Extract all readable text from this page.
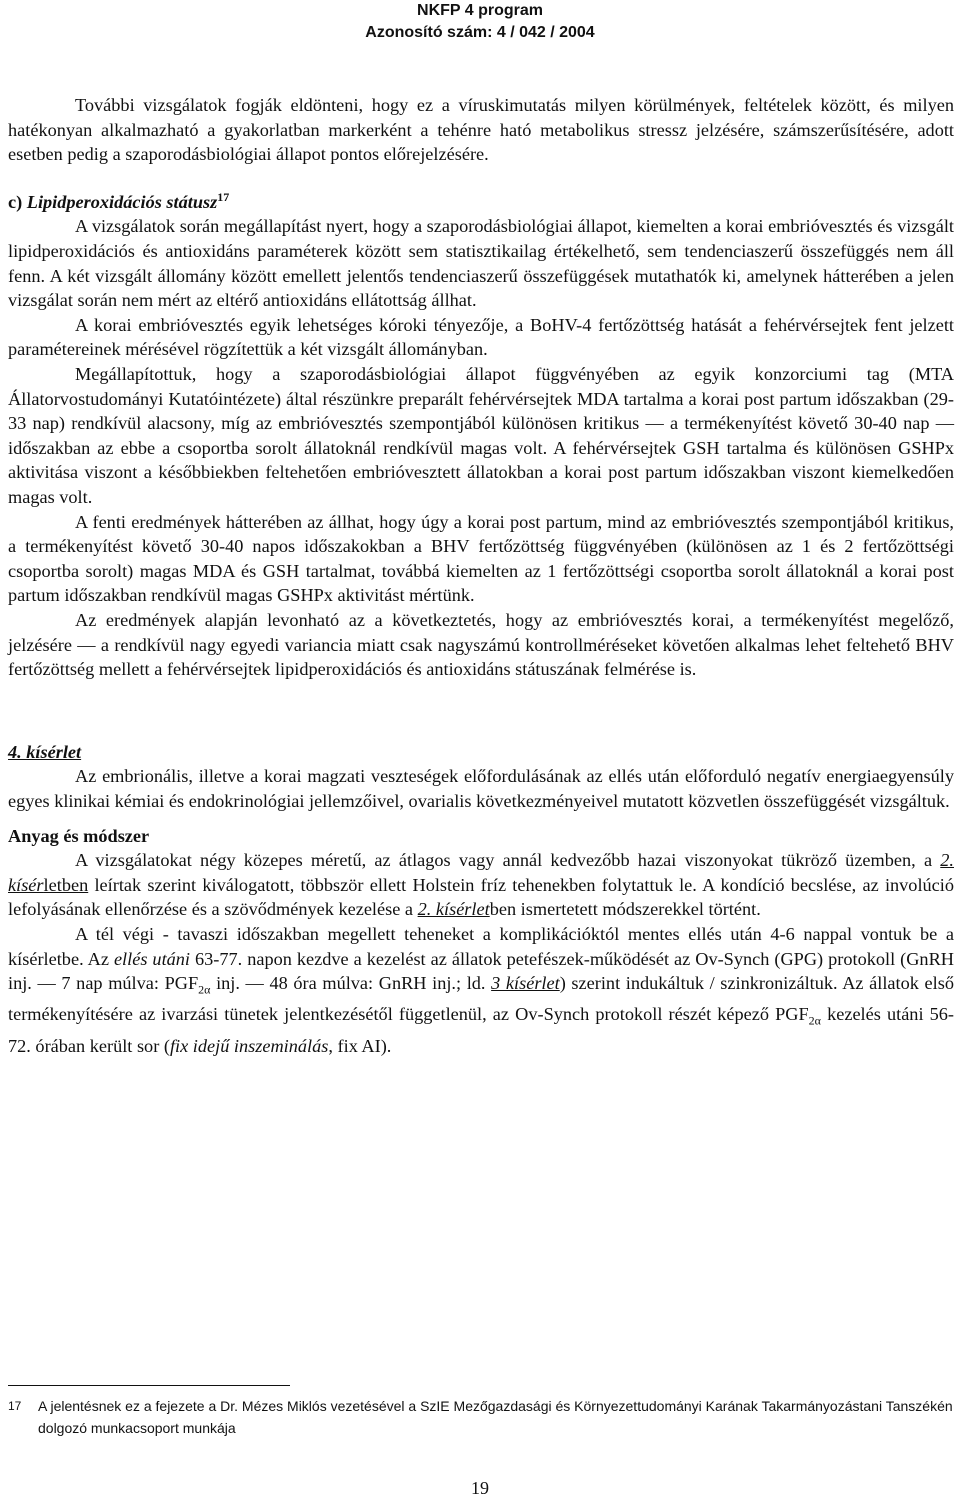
NKFP 4 program
Azonosító szám: 4 / 042 / 2004

További vizsgálatok fogják eldönteni, hogy ez a víruskimutatás milyen körülmények, feltételek között, és milyen hatékonyan alkalmazható a gyakorlatban markerként a tehénre ható metabolikus stressz jelzésére, számszerűsítésére, adott esetben pedig a szaporodásbiológiai állapot pontos előrejelzésére.

c) Lipidperoxidációs státusz$^{17}$

A vizsgálatok során megállapítást nyert, hogy a szaporodásbiológiai állapot, kiemelten a korai embrióvesztés és vizsgált lipidperoxidációs és antioxidáns paraméterek között sem statisztikailag értékelhető, sem tendenciaszerű összefüggés nem áll fenn. A két vizsgált állomány között emellett jelentős tendenciaszerű összefüggések mutathatók ki, amelynek hátterében a jelen vizsgálat során nem mért az eltérő antioxidáns ellátottság állhat.

A korai embrióvesztés egyik lehetséges kóroki tényezője, a BoHV-4 fertőzöttség hatását a fehérvérsejtek fent jelzett paramétereinek mérésével rögzítettük a két vizsgált állományban.

Megállapítottuk, hogy a szaporodásbiológiai állapot függvényében az egyik konzorciumi tag (MTA Állatorvostudományi Kutatóintézete) által részünkre preparált fehérvérsejtek MDA tartalma a korai post partum időszakban (29-33 nap) rendkívül alacsony, míg az embrióvesztés szempontjából különösen kritikus — a termékenyítést követő 30-40 nap — időszakban az ebbe a csoportba sorolt állatoknál rendkívül magas volt. A fehérvérsejtek GSH tartalma és különösen GSHPx aktivitása viszont a későbbiekben feltehetően embrióvesztett állatokban a korai post partum időszakban viszont kiemelkedően magas volt.

A fenti eredmények hátterében az állhat, hogy úgy a korai post partum, mind az embrióvesztés szempontjából kritikus, a termékenyítést követő 30-40 napos időszakokban a BHV fertőzöttség függvényében (különösen az 1 és 2 fertőzöttségi csoportba sorolt) magas MDA és GSH tartalmat, továbbá kiemelten az 1 fertőzöttségi csoportba sorolt állatoknál a korai post partum időszakban rendkívül magas GSHPx aktivitást mértünk.

Az eredmények alapján levonható az a következtetés, hogy az embrióvesztés korai, a termékenyítést megelőző, jelzésére — a rendkívül nagy egyedi variancia miatt csak nagyszámú kontrollméréseket követően alkalmas lehet feltehető BHV fertőzöttség mellett a fehérvérsejtek lipidperoxidációs és antioxidáns státuszának felmérése is.

4. kísérlet

Az embrionális, illetve a korai magzati veszteségek előfordulásának az ellés után előforduló negatív energiaegyensúly egyes klinikai kémiai és endokrinológiai jellemzőivel, ovarialis következményeivel mutatott közvetlen összefüggését vizsgáltuk.

Anyag és módszer

A vizsgálatokat négy közepes méretű, az átlagos vagy annál kedvezőbb hazai viszonyokat tükröző üzemben, a 2. kísérletben leírtak szerint kiválogatott, többször ellett Holstein fríz tehenekben folytattuk le. A kondíció becslése, az involúció lefolyásának ellenőrzése és a szövődmények kezelése a 2. kísérletben ismertetett módszerekkel történt.

A tél végi - tavaszi időszakban megellett teheneket a komplikációktól mentes ellés után 4-6 nappal vontuk be a kísérletbe. Az ellés utáni 63-77. napon kezdve a kezelést az állatok petefészek-működését az Ov-Synch (GPG) protokoll (GnRH inj. — 7 nap múlva: $PGF_{2\alpha}$ inj. — 48 óra múlva: GnRH inj.; ld. 3 kísérlet) szerint indukáltuk / szinkronizáltuk. Az állatok első termékenyítésére az ivarzási tünetek jelentkezésétől függetlenül, az Ov-Synch protokoll részét képező $PGF_{2\alpha}$ kezelés utáni 56-72. órában került sor (fix idejű inszeminálás, fix AI).

17 A jelentésnek ez a fejezete a Dr. Mézes Miklós vezetésével a SzIE Mezőgazdasági és Környezettudományi Karának Takarmányozástani Tanszékén dolgozó munkacsoport munkája
19
